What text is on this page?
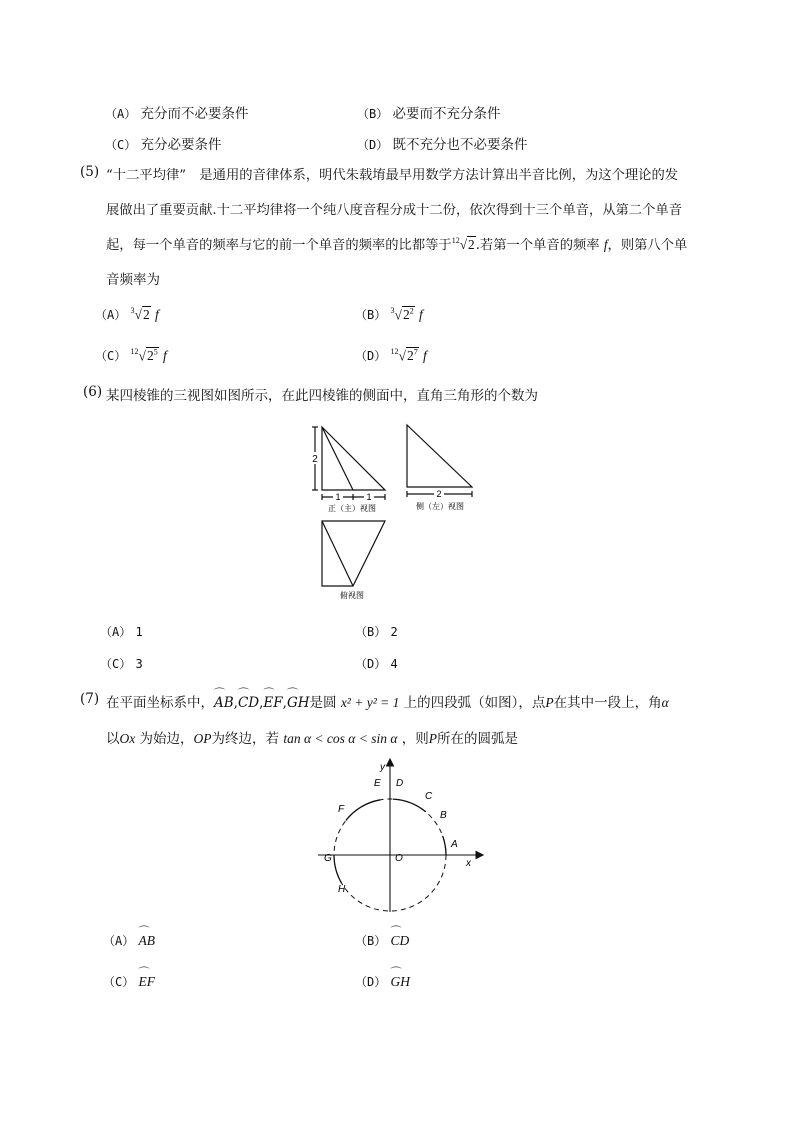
（A） 充分而不必要条件	（B） 必要而不充分条件
（C） 充分必要条件	（D） 既不充分也不必要条件
(5) “十二平均律”　是通用的音律体系，明代朱载堉最早用数学方法计算出半音比例，为这个理论的发
展做出了重要贡献.十二平均律将一个纯八度音程分成十二份，依次得到十三个单音，从第二个单音
起，每一个单音的频率与它的前一个单音的频率的比都等于$^{12}$√2.若第一个单音的频率 f，则第八个单
音频率为
（A） $^3$√2 f	（B） $^3√2^2$ f
（C） $^{12}√2^5$ f	（D） $^{12}√2^7$ f
(6) 某四棱锥的三视图如图所示，在此四棱锥的侧面中，直角三角形的个数为
2
1	1
正（主）视图
2
侧（左）视图
俯视图
（A） 1	（B） 2
（C） 3	（D） 4
(7) 在平面坐标系中，⌒ AB,⌒ CD,⌒ EF,⌒ GH是圆 x² + y² = 1 上的四段弧（如图），点P在其中一段上，角α
以Ox 为始边，OP为终边，若 tan α < cos α < sin α ，则P所在的圆弧是
y
x
O
A
B
C
D
E
F
G
H
（A） ⌒ AB	（B） ⌒ CD
（C） ⌒ EF	（D） ⌒ GH
